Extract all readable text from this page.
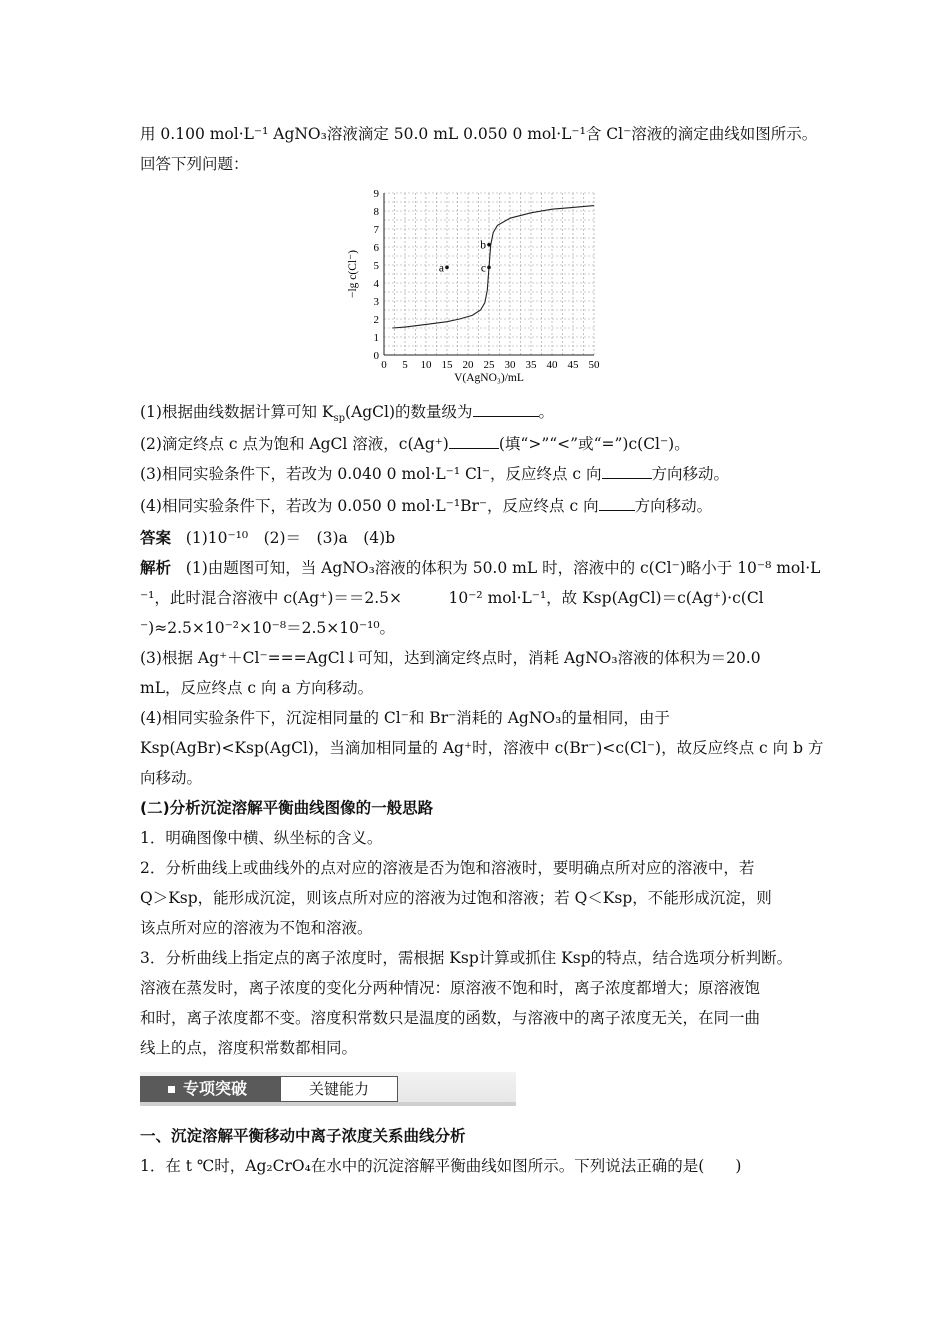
用 0.100 mol·L⁻¹ AgNO₃溶液滴定 50.0 mL 0.050 0 mol·L⁻¹含 Cl⁻溶液的滴定曲线如图所示。
回答下列问题：
0 5 10 15 20 25 30 35 40 45 50
0
1
2
3
4
5
6
7
8
9
V(AgNO₃)/mL
−lg c(Cl⁻)	a
b
c
(1)根据曲线数据计算可知 $K_{sp}(AgCl)$的数量级为	。
(2)滴定终点 c 点为饱和 AgCl 溶液，c(Ag⁺)	(填“>”“<”或“=”)c(Cl⁻)。
(3)相同实验条件下，若改为 0.040 0 mol·L⁻¹ Cl⁻，反应终点 c 向	方向移动。
(4)相同实验条件下，若改为 0.050 0 mol·L⁻¹Br⁻，反应终点 c 向 方向移动。
答案 (1)10⁻¹⁰　(2)＝　(3)a　(4)b
解析 (1)由题图可知，当 AgNO₃溶液的体积为 50.0 mL 时，溶液中的 c(Cl⁻)略小于 10⁻⁸ mol·L
⁻¹，此时混合溶液中 c(Ag⁺)＝＝2.5×　　　10⁻² mol·L⁻¹，故 Ksp(AgCl)＝c(Ag⁺)·c(Cl
⁻)≈2.5×10⁻²×10⁻⁸＝2.5×10⁻¹⁰。
(3)根据 Ag⁺＋Cl⁻===AgCl↓可知，达到滴定终点时，消耗 AgNO₃溶液的体积为＝20.0
mL，反应终点 c 向 a 方向移动。
(4)相同实验条件下，沉淀相同量的 Cl⁻和 Br⁻消耗的 AgNO₃的量相同，由于
Ksp(AgBr)<Ksp(AgCl)，当滴加相同量的 Ag⁺时，溶液中 c(Br⁻)<c(Cl⁻)，故反应终点 c 向 b 方
向移动。
(二)分析沉淀溶解平衡曲线图像的一般思路
1．明确图像中横、纵坐标的含义。
2．分析曲线上或曲线外的点对应的溶液是否为饱和溶液时，要明确点所对应的溶液中，若
Q＞Ksp，能形成沉淀，则该点所对应的溶液为过饱和溶液；若 Q＜Ksp，不能形成沉淀，则
该点所对应的溶液为不饱和溶液。
3．分析曲线上指定点的离子浓度时，需根据 Ksp计算或抓住 Ksp的特点，结合选项分析判断。
溶液在蒸发时，离子浓度的变化分两种情况：原溶液不饱和时，离子浓度都增大；原溶液饱
和时，离子浓度都不变。溶度积常数只是温度的函数，与溶液中的离子浓度无关，在同一曲
线上的点，溶度积常数都相同。
专项突破	关键能力
一、沉淀溶解平衡移动中离子浓度关系曲线分析
1．在 t ℃时，Ag₂CrO₄在水中的沉淀溶解平衡曲线如图所示。下列说法正确的是(　　)
